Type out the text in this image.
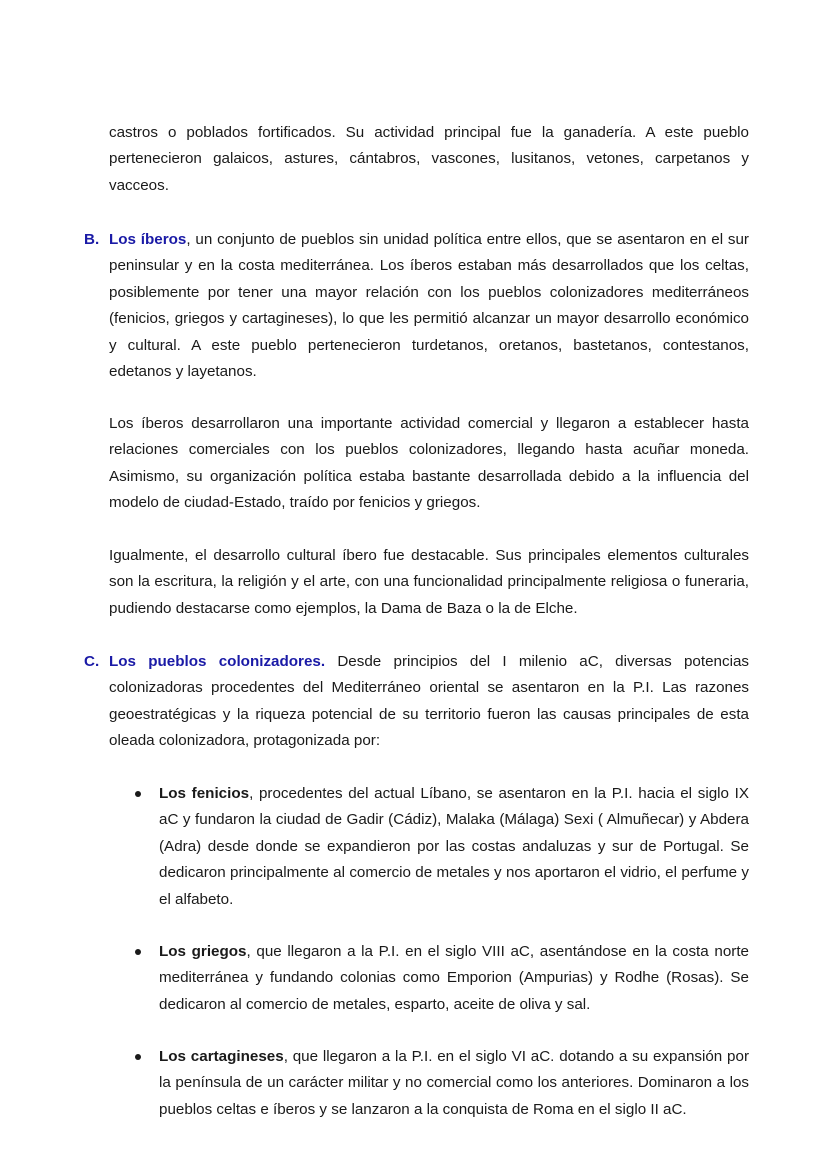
castros o poblados fortificados. Su actividad principal fue la ganadería. A este pueblo pertenecieron galaicos, astures, cántabros, vascones, lusitanos, vetones, carpetanos y vacceos.

B. Los íberos, un conjunto de pueblos sin unidad política entre ellos, que se asentaron en el sur peninsular y en la costa mediterránea. Los íberos estaban más desarrollados que los celtas, posiblemente por tener una mayor relación con los pueblos colonizadores mediterráneos (fenicios, griegos y cartagineses), lo que les permitió alcanzar un mayor desarrollo económico y cultural. A este pueblo pertenecieron turdetanos, oretanos, bastetanos, contestanos, edetanos y layetanos.

Los íberos desarrollaron una importante actividad comercial y llegaron a establecer hasta relaciones comerciales con los pueblos colonizadores, llegando hasta acuñar moneda. Asimismo, su organización política estaba bastante desarrollada debido a la influencia del modelo de ciudad-Estado, traído por fenicios y griegos.

Igualmente, el desarrollo cultural íbero fue destacable. Sus principales elementos culturales son la escritura, la religión y el arte, con una funcionalidad principalmente religiosa o funeraria, pudiendo destacarse como ejemplos, la Dama de Baza o la de Elche.

C. Los pueblos colonizadores. Desde principios del I milenio aC, diversas potencias colonizadoras procedentes del Mediterráneo oriental se asentaron en la P.I. Las razones geoestratégicas y la riqueza potencial de su territorio fueron las causas principales de esta oleada colonizadora, protagonizada por:

Los fenicios, procedentes del actual Líbano, se asentaron en la P.I. hacia el siglo IX aC y fundaron la ciudad de Gadir (Cádiz), Malaka (Málaga) Sexi ( Almuñecar) y Abdera (Adra) desde donde se expandieron por las costas andaluzas y sur de Portugal. Se dedicaron principalmente al comercio de metales y nos aportaron el vidrio, el perfume y el alfabeto.

Los griegos, que llegaron a la P.I. en el siglo VIII aC, asentándose en la costa norte mediterránea y fundando colonias como Emporion (Ampurias) y Rodhe (Rosas). Se dedicaron al comercio de metales, esparto, aceite de oliva y sal.

Los cartagineses, que llegaron a la P.I. en el siglo VI aC. dotando a su expansión por la península de un carácter militar y no comercial como los anteriores. Dominaron a los pueblos celtas e íberos y se lanzaron a la conquista de Roma en el siglo II aC.
